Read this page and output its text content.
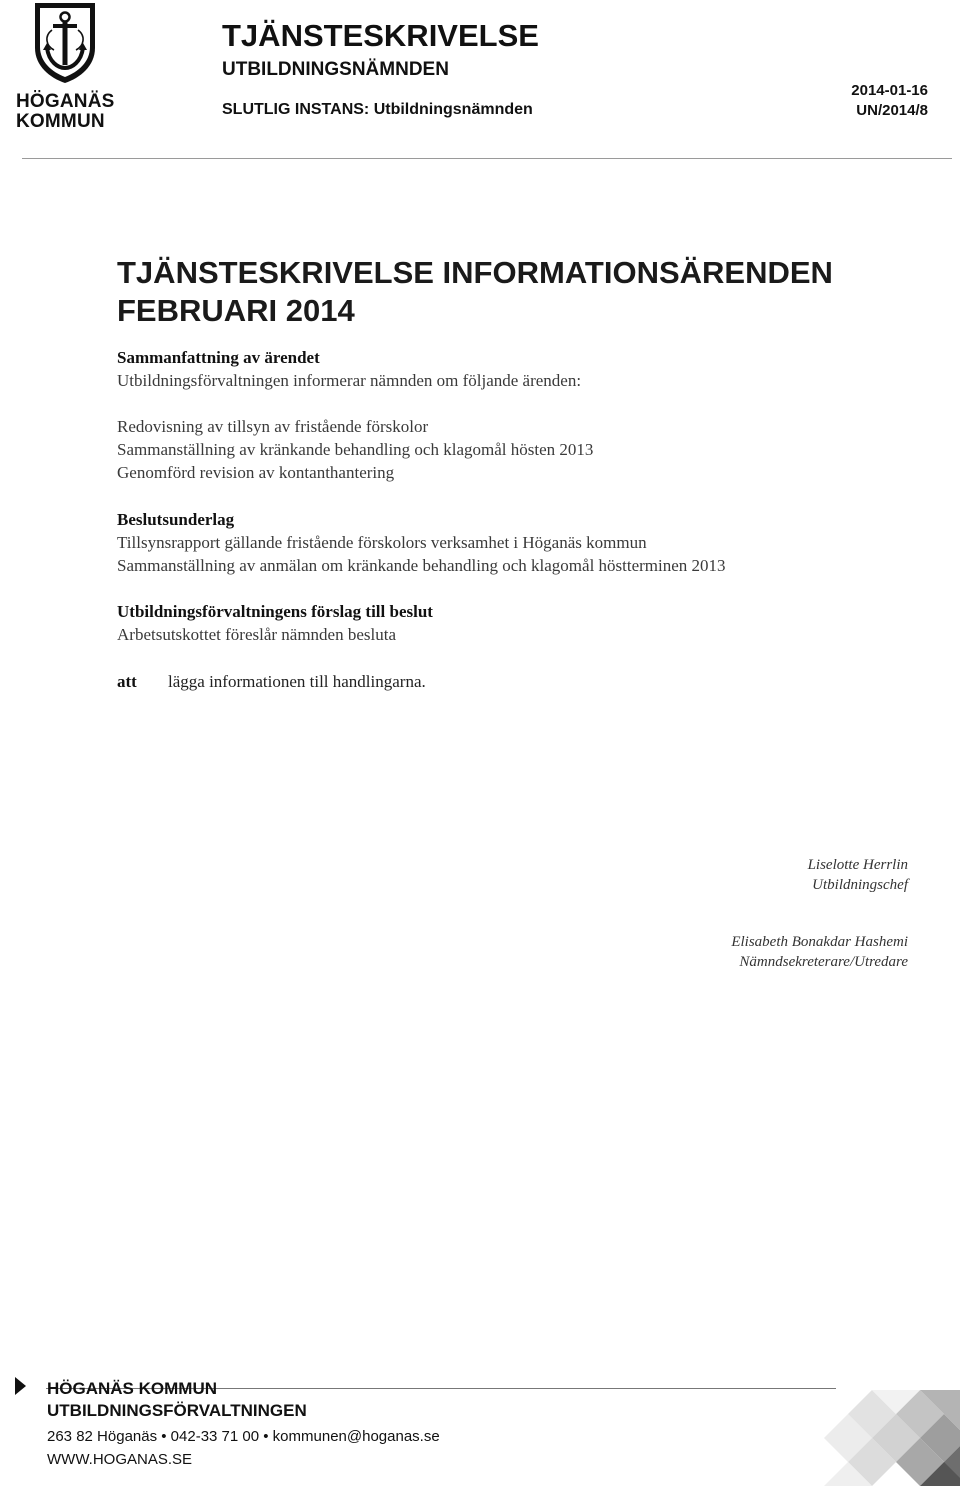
HÖGANÄS
KOMMUN
TJÄNSTESKRIVELSE
UTBILDNINGSNÄMNDEN
SLUTLIG INSTANS: Utbildningsnämnden
2014-01-16
UN/2014/8
TJÄNSTESKRIVELSE INFORMATIONSÄRENDEN FEBRUARI 2014
Sammanfattning av ärendet
Utbildningsförvaltningen informerar nämnden om följande ärenden:
Redovisning av tillsyn av fristående förskolor
Sammanställning av kränkande behandling och klagomål hösten 2013
Genomförd revision av kontanthantering
Beslutsunderlag
Tillsynsrapport gällande fristående förskolors verksamhet i Höganäs kommun
Sammanställning av anmälan om kränkande behandling och klagomål höstterminen 2013
Utbildningsförvaltningens förslag till beslut
Arbetsutskottet föreslår nämnden besluta
att lägga informationen till handlingarna.
Liselotte Herrlin
Utbildningschef
Elisabeth Bonakdar Hashemi
Nämndsekreterare/Utredare
HÖGANÄS KOMMUN
UTBILDNINGSFÖRVALTNINGEN
263 82 Höganäs • 042-33 71 00 • kommunen@hoganas.se
WWW.HOGANAS.SE
